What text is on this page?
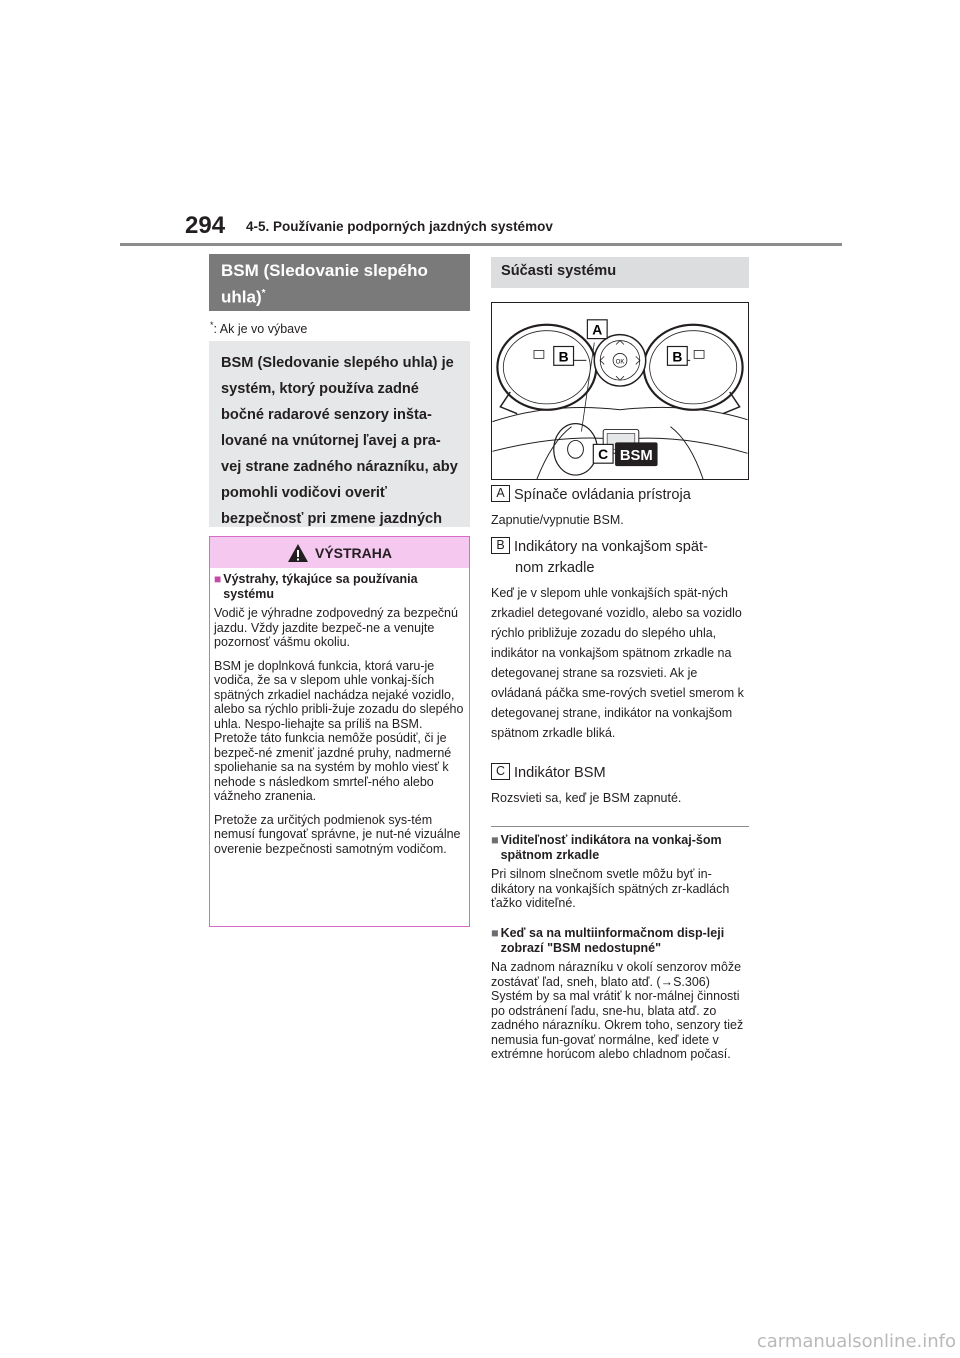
294 4-5. Používanie podporných jazdných systémov
BSM (Sledovanie slepého
uhla)*
*: Ak je vo výbave
BSM (Sledovanie slepého uhla) je systém, ktorý používa zadné bočné radarové senzory inšta-lované na vnútornej ľavej a pra-vej strane zadného nárazníku, aby pomohli vodičovi overiť bezpečnosť pri zmene jazdných
VÝSTRAHA
■ Výstrahy, týkajúce sa používania systému

Vodič je výhradne zodpovedný za bezpečnú jazdu. Vždy jazdite bezpeč-ne a venujte pozornosť vášmu okoliu.

BSM je doplnková funkcia, ktorá varu-je vodiča, že sa v slepom uhle vonkaj-ších spätných zrkadiel nachádza nejaké vozidlo, alebo sa rýchlo pribli-žuje zozadu do slepého uhla. Nespo-liehajte sa príliš na BSM. Pretože táto funkcia nemôže posúdiť, či je bezpeč-né zmeniť jazdné pruhy, nadmerné spoliehanie sa na systém by mohlo viesť k nehode s následkom smrteľ-ného alebo vážneho zranenia.

Pretože za určitých podmienok sys-tém nemusí fungovať správne, je nut-né vizuálne overenie bezpečnosti samotným vodičom.

Súčasti systému
OK
A
B	B
C BSM
A Spínače ovládania prístroja
Zapnutie/vypnutie BSM.
B Indikátory na vonkajšom spät-
nom zrkadle
Keď je v slepom uhle vonkajších spät-ných zrkadiel detegované vozidlo, alebo sa vozidlo rýchlo približuje zozadu do slepého uhla, indikátor na vonkajšom spätnom zrkadle na detegovanej strane sa rozsvieti. Ak je ovládaná páčka sme-rových svetiel smerom k detegovanej strane, indikátor na vonkajšom spätnom zrkadle bliká.
C Indikátor BSM
Rozsvieti sa, keď je BSM zapnuté.
■ Viditeľnosť indikátora na vonkaj-šom spätnom zrkadle

Pri silnom slnečnom svetle môžu byť in-dikátory na vonkajších spätných zr-kadlách ťažko viditeľné.

■ Keď sa na multiinformačnom disp-leji zobrazí "BSM nedostupné"

Na zadnom nárazníku v okolí senzorov môže zostávať ľad, sneh, blato atď. (→S.306) Systém by sa mal vrátiť k nor-málnej činnosti po odstránení ľadu, sne-hu, blata atď. zo zadného nárazníku. Okrem toho, senzory tiež nemusia fun-govať normálne, keď idete v extrémne horúcom alebo chladnom počasí.

carmanualsonline.info
